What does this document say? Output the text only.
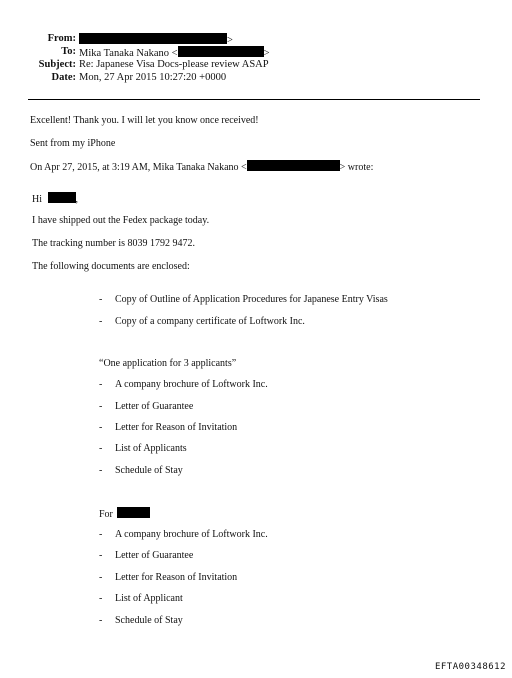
From:	>
To: Mika Tanaka Nakano <	>
Subject: Re: Japanese Visa Docs-please review ASAP
Date: Mon, 27 Apr 2015 10:27:20 +0000
Excellent! Thank you. I will let you know once received!
Sent from my iPhone
On Apr 27, 2015, at 3:19 AM, Mika Tanaka Nakano <	> wrote:
Hi	,
I have shipped out the Fedex package today.
The tracking number is 8039 1792 9472.
The following documents are enclosed:
- Copy of Outline of Application Procedures for Japanese Entry Visas
- Copy of a company certificate of Loftwork Inc.
“One application for 3 applicants”
- A company brochure of Loftwork Inc.
- Letter of Guarantee
- Letter for Reason of Invitation
- List of Applicants
- Schedule of Stay
For
- A company brochure of Loftwork Inc.
- Letter of Guarantee
- Letter for Reason of Invitation
- List of Applicant
- Schedule of Stay
EFTA00348612
